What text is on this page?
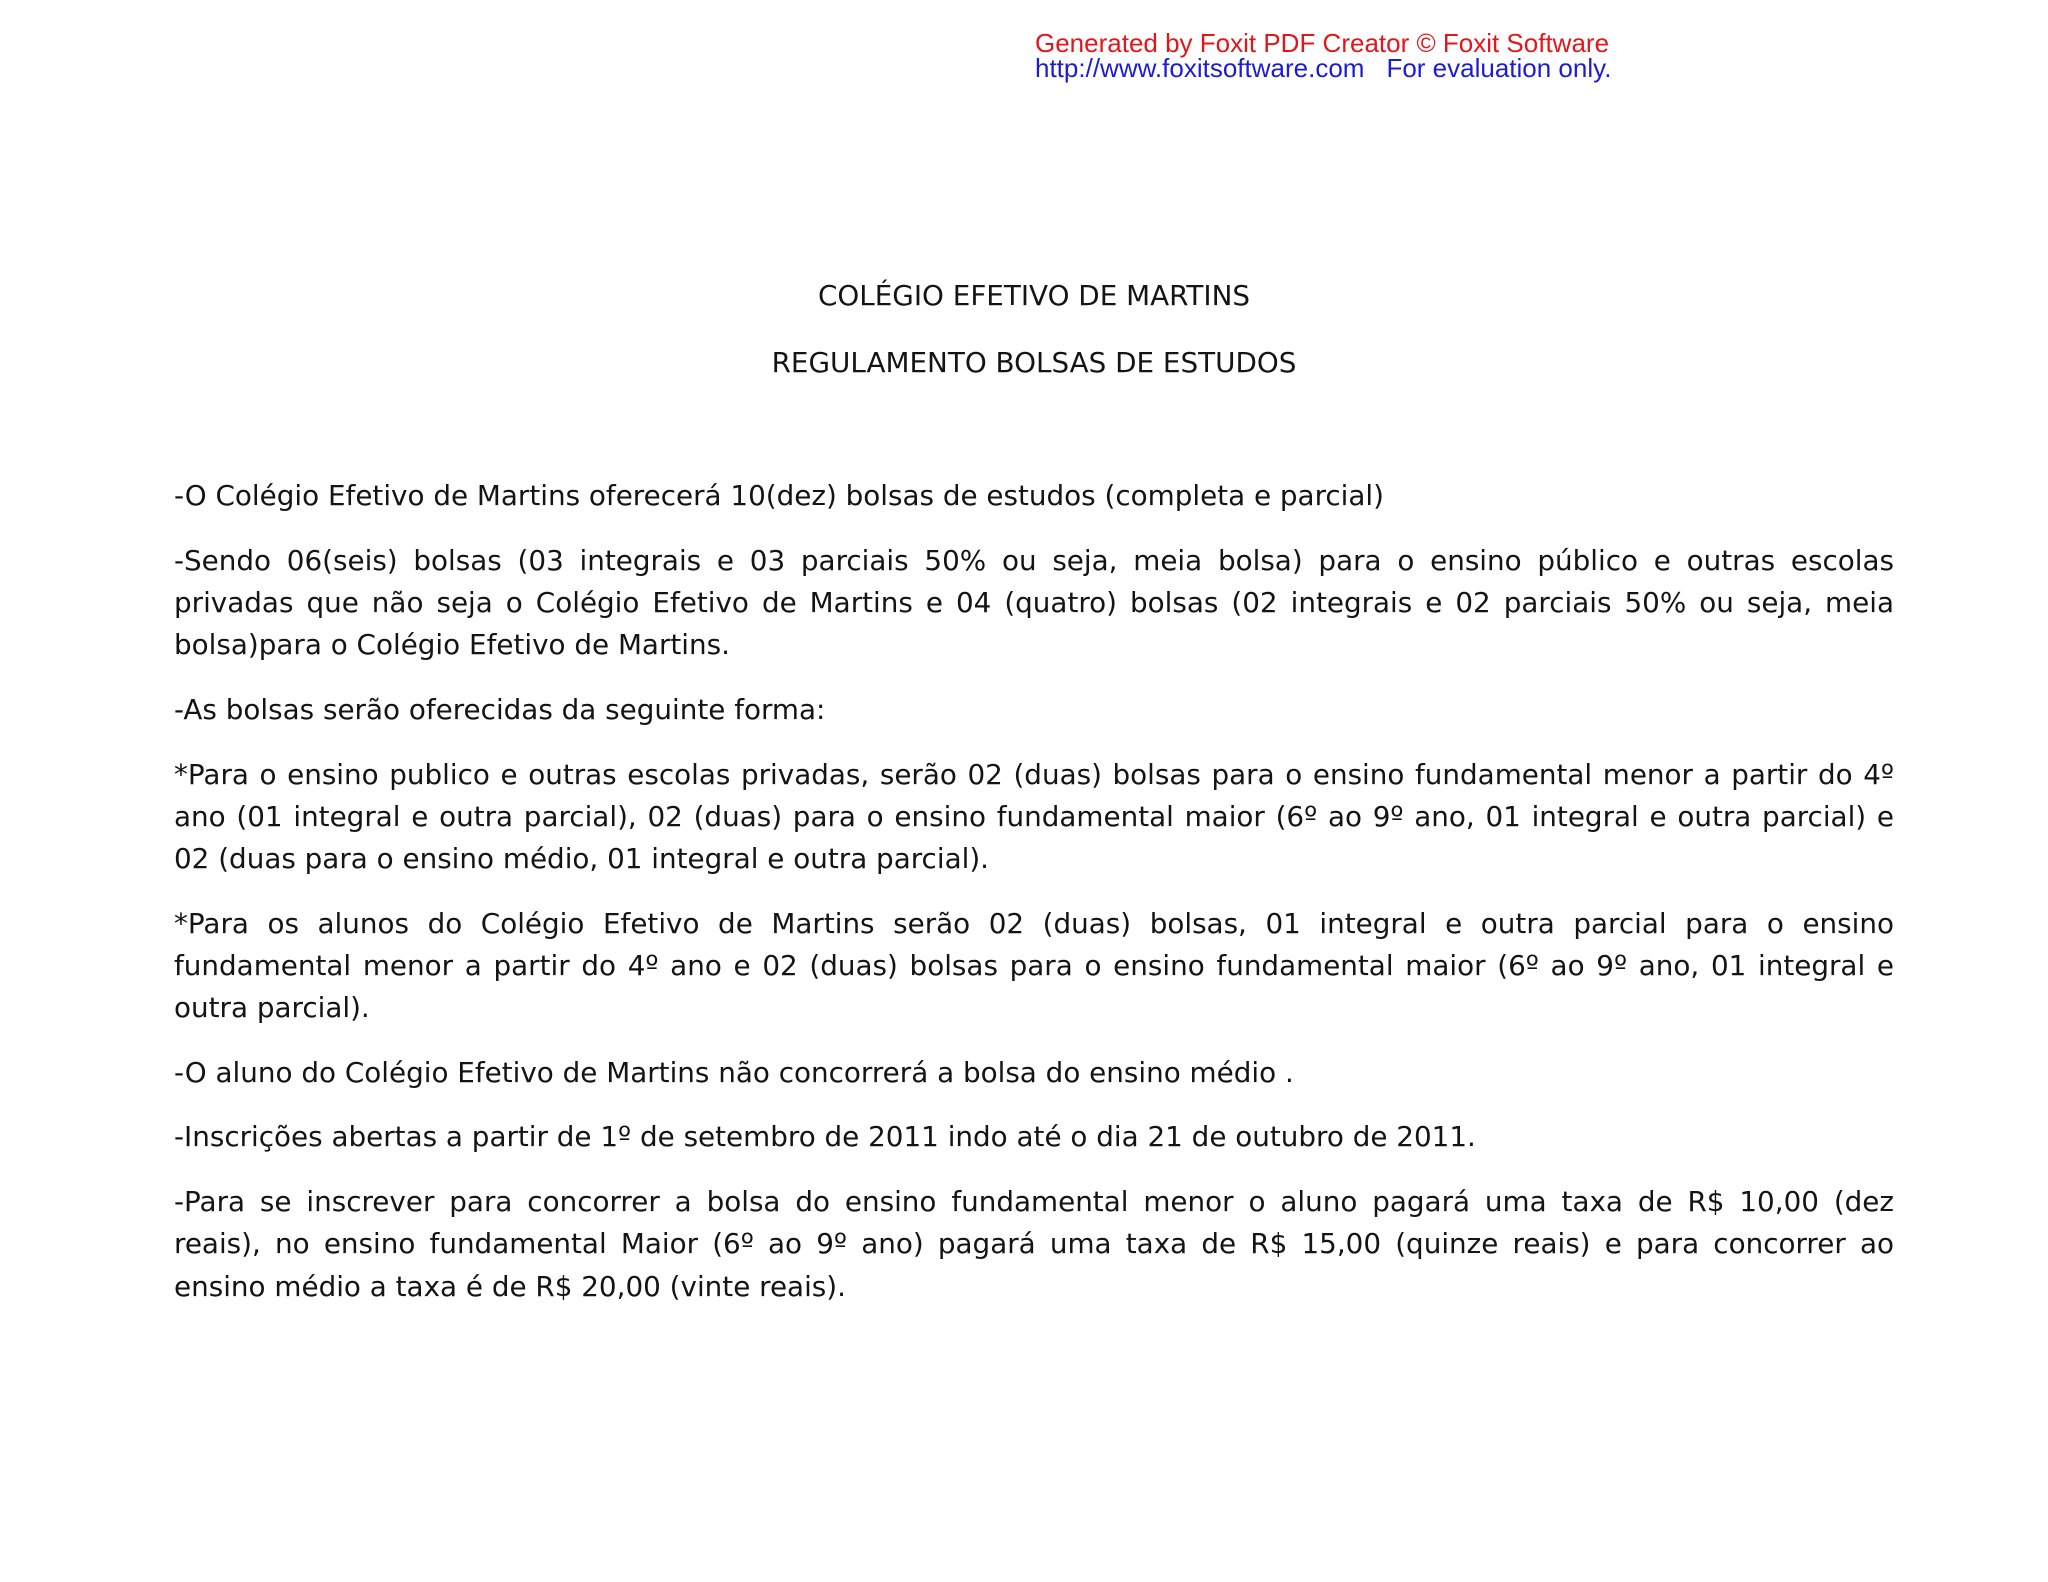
Generated by Foxit PDF Creator © Foxit Software
http://www.foxitsoftware.com For evaluation only.
COLÉGIO EFETIVO DE MARTINS
REGULAMENTO BOLSAS DE ESTUDOS

-O Colégio Efetivo de Martins oferecerá 10(dez) bolsas de estudos (completa e parcial)

-Sendo 06(seis) bolsas (03 integrais e 03 parciais 50% ou seja, meia bolsa) para o ensino público e outras escolas
privadas que não seja o Colégio Efetivo de Martins e 04 (quatro) bolsas (02 integrais e 02 parciais 50% ou seja, meia
bolsa)para o Colégio Efetivo de Martins.

-As bolsas serão oferecidas da seguinte forma:

*Para o ensino publico e outras escolas privadas, serão 02 (duas) bolsas para o ensino fundamental menor a partir do 4º
ano (01 integral e outra parcial), 02 (duas) para o ensino fundamental maior (6º ao 9º ano, 01 integral e outra parcial) e
02 (duas para o ensino médio, 01 integral e outra parcial).

*Para os alunos do Colégio Efetivo de Martins serão 02 (duas) bolsas, 01 integral e outra parcial para o ensino
fundamental menor a partir do 4º ano e 02 (duas) bolsas para o ensino fundamental maior (6º ao 9º ano, 01 integral e
outra parcial).

-O aluno do Colégio Efetivo de Martins não concorrerá a bolsa do ensino médio .

-Inscrições abertas a partir de 1º de setembro de 2011 indo até o dia 21 de outubro de 2011.

-Para se inscrever para concorrer a bolsa do ensino fundamental menor o aluno pagará uma taxa de R$ 10,00 (dez
reais), no ensino fundamental Maior (6º ao 9º ano) pagará uma taxa de R$ 15,00 (quinze reais) e para concorrer ao
ensino médio a taxa é de R$ 20,00 (vinte reais).
